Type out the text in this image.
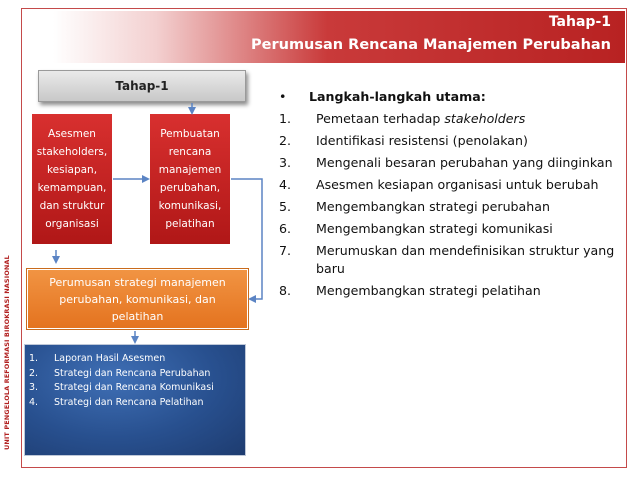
Tahap-1
Perumusan Rencana Manajemen Perubahan
UNIT PENGELOLA REFORMASI BIROKRASI NASIONAL
Tahap-1
Asesmen
stakeholders,
kesiapan,
kemampuan,
dan struktur
organisasi
Pembuatan
rencana
manajemen
perubahan,
komunikasi,
pelatihan
Perumusan strategi manajemen
perubahan, komunikasi, dan
pelatihan
1.	Laporan Hasil Asesmen
2.	Strategi dan Rencana Perubahan
3.	Strategi dan Rencana Komunikasi
4.	Strategi dan Rencana Pelatihan
•	Langkah-langkah utama:
1.	Pemetaan terhadap stakeholders
2.	Identifikasi resistensi (penolakan)
3.	Mengenali besaran perubahan yang diinginkan
4.	Asesmen kesiapan organisasi untuk berubah
5.	Mengembangkan strategi perubahan
6.	Mengembangkan strategi komunikasi
7.	Merumuskan dan mendefinisikan struktur yang baru
8.	Mengembangkan strategi pelatihan
